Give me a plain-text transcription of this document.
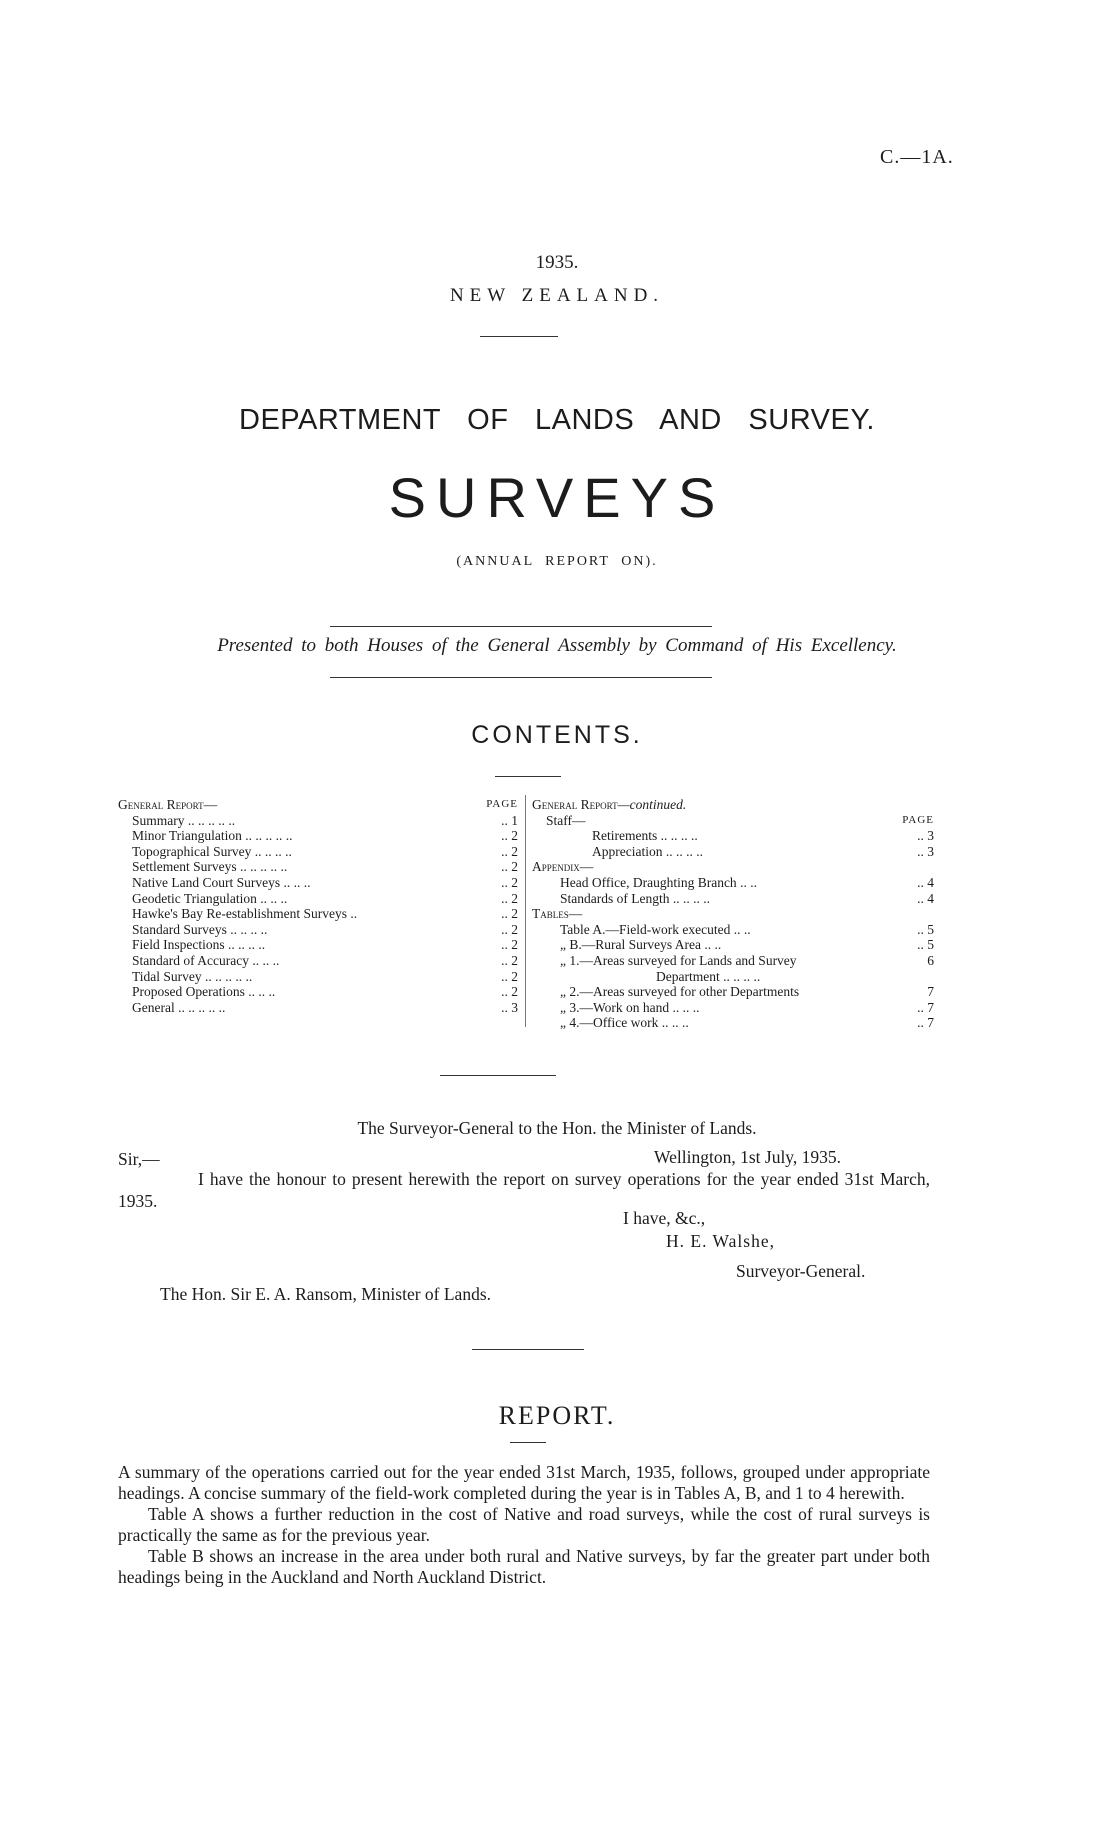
C.—1A.
1935.
NEW ZEALAND.
DEPARTMENT OF LANDS AND SURVEY.
SURVEYS
(ANNUAL REPORT ON).
Presented to both Houses of the General Assembly by Command of His Excellency.
CONTENTS.
General Report—	PAGE
Summary .. .. .. .. ..	.. 1
Minor Triangulation .. .. .. .. ..	.. 2
Topographical Survey .. .. .. ..	.. 2
Settlement Surveys .. .. .. .. ..	.. 2
Native Land Court Surveys .. .. ..	.. 2
Geodetic Triangulation .. .. ..	.. 2
Hawke's Bay Re-establishment Surveys ..	.. 2
Standard Surveys .. .. .. ..	.. 2
Field Inspections .. .. .. ..	.. 2
Standard of Accuracy .. .. ..	.. 2
Tidal Survey .. .. .. .. ..	.. 2
Proposed Operations .. .. ..	.. 2
General .. .. .. .. ..	.. 3
General Report—continued.
Staff—	PAGE
Retirements .. .. .. ..	.. 3
Appreciation .. .. .. ..	.. 3
Appendix—
Head Office, Draughting Branch .. ..	.. 4
Standards of Length .. .. .. ..	.. 4
Tables—
Table A.—Field-work executed .. ..	.. 5
„ B.—Rural Surveys Area .. ..	.. 5
„ 1.—Areas surveyed for Lands and Survey	6
Department .. .. .. ..
„ 2.—Areas surveyed for other Departments	7
„ 3.—Work on hand .. .. ..	.. 7
„ 4.—Office work .. .. ..	.. 7
The Surveyor-General to the Hon. the Minister of Lands.
Sir,—	Wellington, 1st July, 1935.
I have the honour to present herewith the report on survey operations for the year ended 31st March, 1935.
I have, &c.,
H. E. Walshe,
Surveyor-General.
The Hon. Sir E. A. Ransom, Minister of Lands.
REPORT.

A summary of the operations carried out for the year ended 31st March, 1935, follows, grouped under appropriate headings. A concise summary of the field-work completed during the year is in Tables A, B, and 1 to 4 herewith.

Table A shows a further reduction in the cost of Native and road surveys, while the cost of rural surveys is practically the same as for the previous year.

Table B shows an increase in the area under both rural and Native surveys, by far the greater part under both headings being in the Auckland and North Auckland District.
